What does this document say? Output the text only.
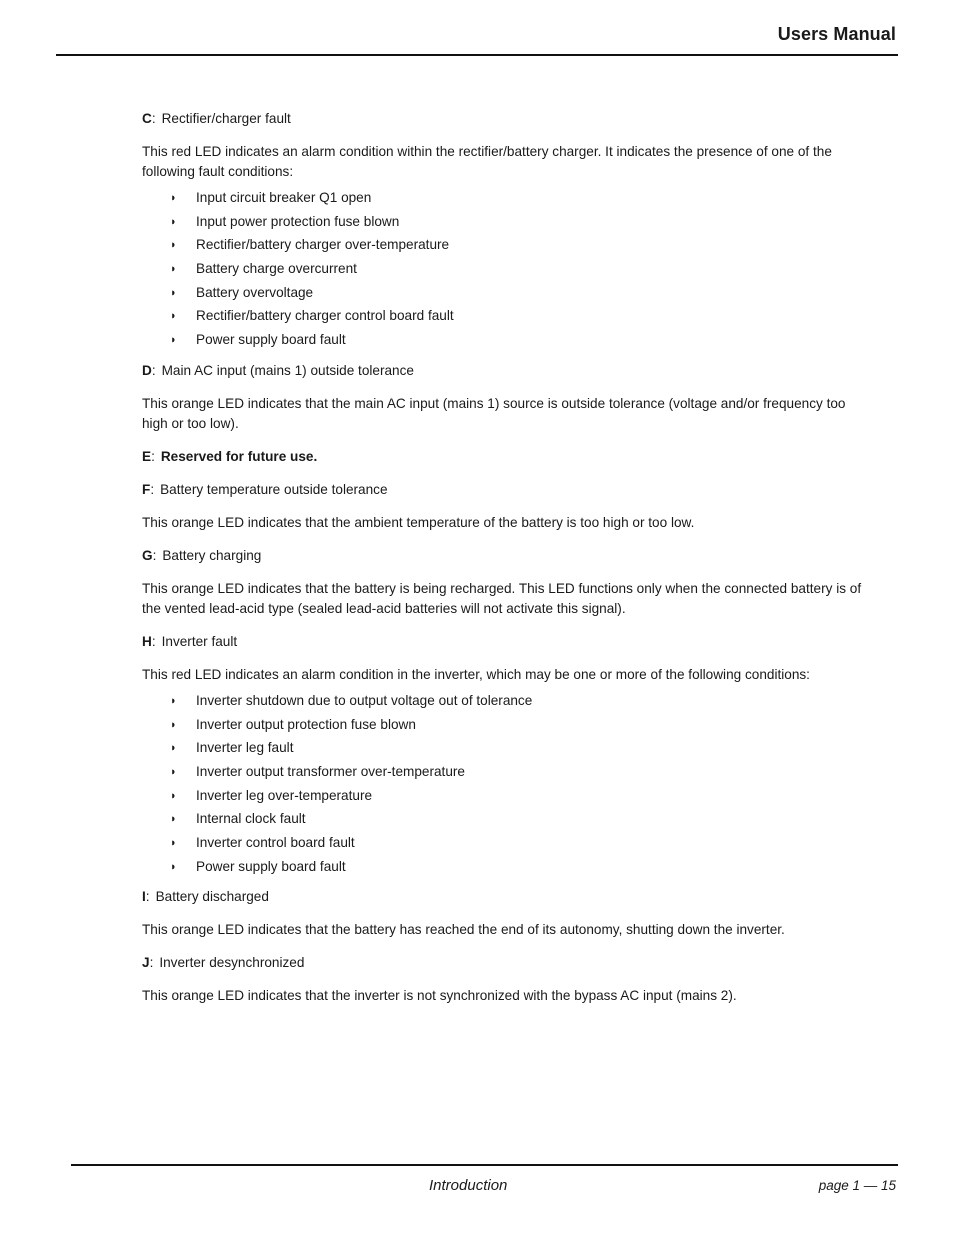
Users Manual
C: Rectifier/charger fault

This red LED indicates an alarm condition within the rectifier/battery charger. It indicates the presence of one of the following fault conditions:

◗ Input circuit breaker Q1 open
◗ Input power protection fuse blown
◗ Rectifier/battery charger over-temperature
◗ Battery charge overcurrent
◗ Battery overvoltage
◗ Rectifier/battery charger control board fault
◗ Power supply board fault
D: Main AC input (mains 1) outside tolerance

This orange LED indicates that the main AC input (mains 1) source is outside tolerance (voltage and/or frequency too high or too low).

E: Reserved for future use.
F: Battery temperature outside tolerance

This orange LED indicates that the ambient temperature of the battery is too high or too low.

G: Battery charging

This orange LED indicates that the battery is being recharged. This LED functions only when the connected battery is of the vented lead-acid type (sealed lead-acid batteries will not activate this signal).

H: Inverter fault

This red LED indicates an alarm condition in the inverter, which may be one or more of the following conditions:

◗ Inverter shutdown due to output voltage out of tolerance
◗ Inverter output protection fuse blown
◗ Inverter leg fault
◗ Inverter output transformer over-temperature
◗ Inverter leg over-temperature
◗ Internal clock fault
◗ Inverter control board fault
◗ Power supply board fault
I: Battery discharged

This orange LED indicates that the battery has reached the end of its autonomy, shutting down the inverter.

J: Inverter desynchronized

This orange LED indicates that the inverter is not synchronized with the bypass AC input (mains 2).

Introduction	page 1 — 15
